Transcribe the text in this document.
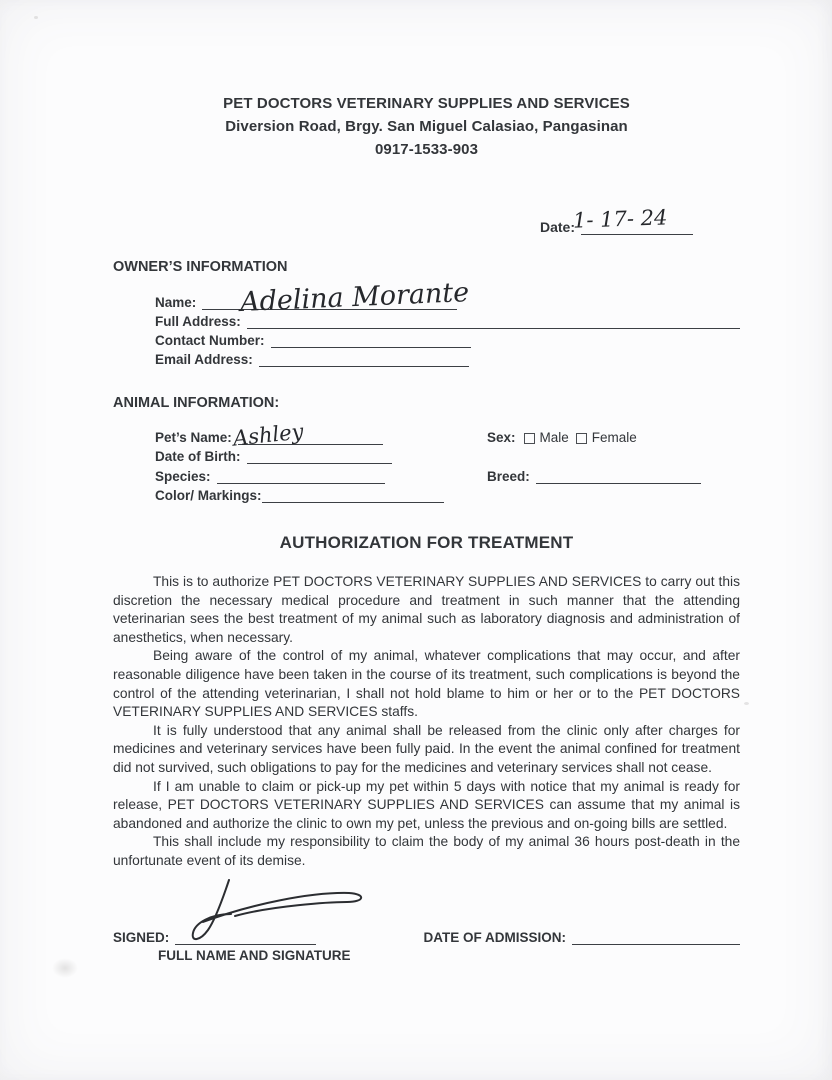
PET DOCTORS VETERINARY SUPPLIES AND SERVICES
Diversion Road, Brgy. San Miguel Calasiao, Pangasinan
0917-1533-903
Date:
1- 17- 24
OWNER’S INFORMATION
Name: Adelina Morante
Full Address:
Contact Number:
Email Address:
ANIMAL INFORMATION:
Pet’s Name: Ashley	Sex: Male Female
Date of Birth:
Species:	Breed:
Color/ Markings:
AUTHORIZATION FOR TREATMENT

This is to authorize PET DOCTORS VETERINARY SUPPLIES AND SERVICES to carry out this discretion the necessary medical procedure and treatment in such manner that the attending veterinarian sees the best treatment of my animal such as laboratory diagnosis and administration of anesthetics, when necessary.

Being aware of the control of my animal, whatever complications that may occur, and after reasonable diligence have been taken in the course of its treatment, such complications is beyond the control of the attending veterinarian, I shall not hold blame to him or her or to the PET DOCTORS VETERINARY SUPPLIES AND SERVICES staffs.

It is fully understood that any animal shall be released from the clinic only after charges for medicines and veterinary services have been fully paid. In the event the animal confined for treatment did not survived, such obligations to pay for the medicines and veterinary services shall not cease.

If I am unable to claim or pick-up my pet within 5 days with notice that my animal is ready for release, PET DOCTORS VETERINARY SUPPLIES AND SERVICES can assume that my animal is abandoned and authorize the clinic to own my pet, unless the previous and on-going bills are settled.

This shall include my responsibility to claim the body of my animal 36 hours post-death in the unfortunate event of its demise.

SIGNED:	DATE OF ADMISSION:
FULL NAME AND SIGNATURE
